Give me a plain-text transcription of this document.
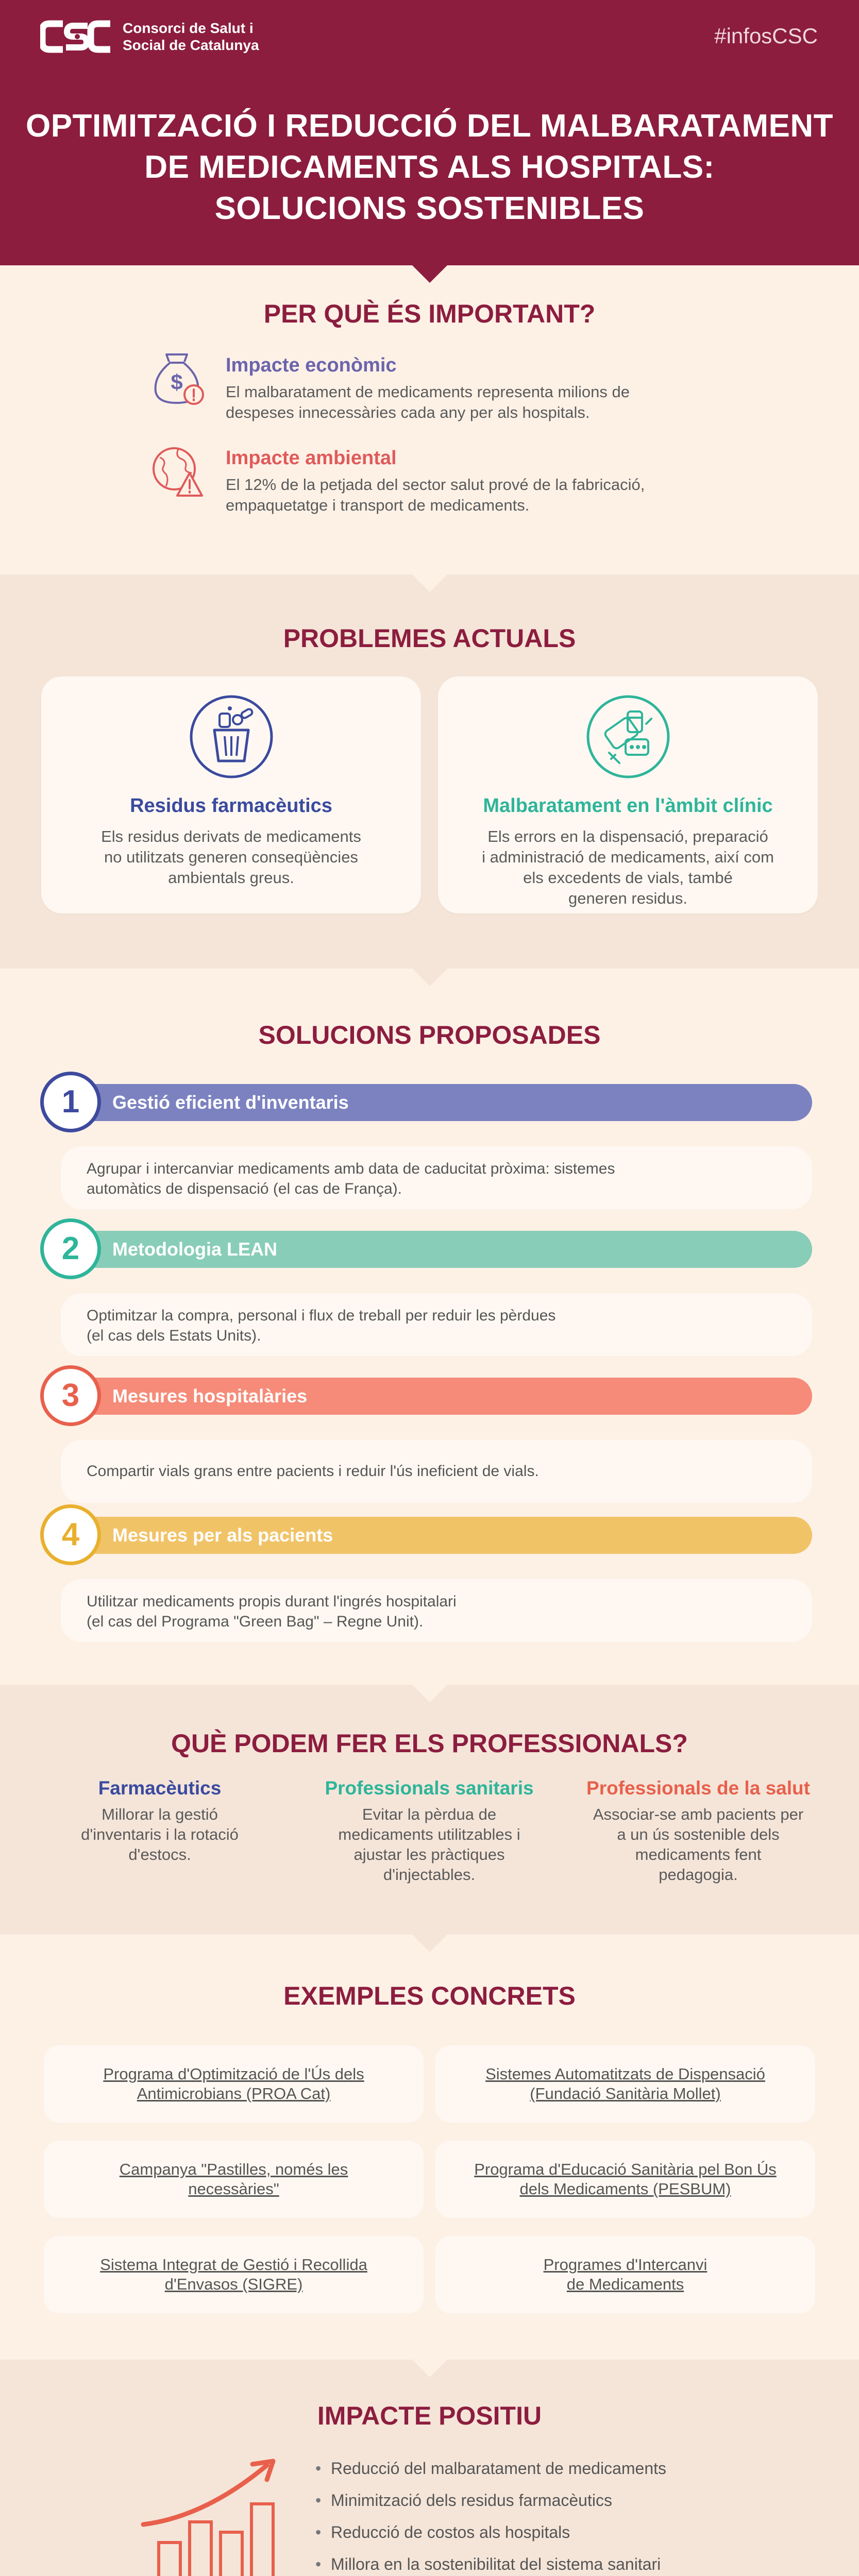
Consorci de Salut i
Social de Catalunya	#infosCSC
OPTIMITZACIÓ I REDUCCIÓ DEL MALBARATAMENT
DE MEDICAMENTS ALS HOSPITALS:
SOLUCIONS SOSTENIBLES
PER QUÈ ÉS IMPORTANT?
$
Impacte econòmic

El malbaratament de medicaments representa milions de
despeses innecessàries cada any per als hospitals.

Impacte ambiental

El 12% de la petjada del sector salut prové de la fabricació,
empaquetatge i transport de medicaments.

PROBLEMES ACTUALS
Residus farmacèutics

Els residus derivats de medicaments
no utilitzats generen conseqüències
ambientals greus.

Malbaratament en l'àmbit clínic

Els errors en la dispensació, preparació
i administració de medicaments, així com
els excedents de vials, també
generen residus.

SOLUCIONS PROPOSADES
Gestió eficient d'inventaris
1
Agrupar i intercanviar medicaments amb data de caducitat pròxima: sistemes
automàtics de dispensació (el cas de França).
Metodologia LEAN
2
Optimitzar la compra, personal i flux de treball per reduir les pèrdues
(el cas dels Estats Units).
Mesures hospitalàries
3
Compartir vials grans entre pacients i reduir l'ús ineficient de vials.
Mesures per als pacients
4
Utilitzar medicaments propis durant l'ingrés hospitalari
(el cas del Programa "Green Bag" – Regne Unit).
QUÈ PODEM FER ELS PROFESSIONALS?
Farmacèutics

Millorar la gestió
d'inventaris i la rotació
d'estocs.

Professionals sanitaris

Evitar la pèrdua de
medicaments utilitzables i
ajustar les pràctiques
d'injectables.

Professionals de la salut

Associar-se amb pacients per
a un ús sostenible dels
medicaments fent
pedagogia.

EXEMPLES CONCRETS
Programa d'Optimització de l'Ús dels
Antimicrobians (PROA Cat)
Sistemes Automatitzats de Dispensació
(Fundació Sanitària Mollet)
Campanya "Pastilles, només les
necessàries"
Programa d'Educació Sanitària pel Bon Ús
dels Medicaments (PESBUM)
Sistema Integrat de Gestió i Recollida
d'Envasos (SIGRE)
Programes d'Intercanvi
de Medicaments
IMPACTE POSITIU
• Reducció del malbaratament de medicaments
• Minimització dels residus farmacèutics
• Reducció de costos als hospitals
• Millora en la sostenibilitat del sistema sanitari
